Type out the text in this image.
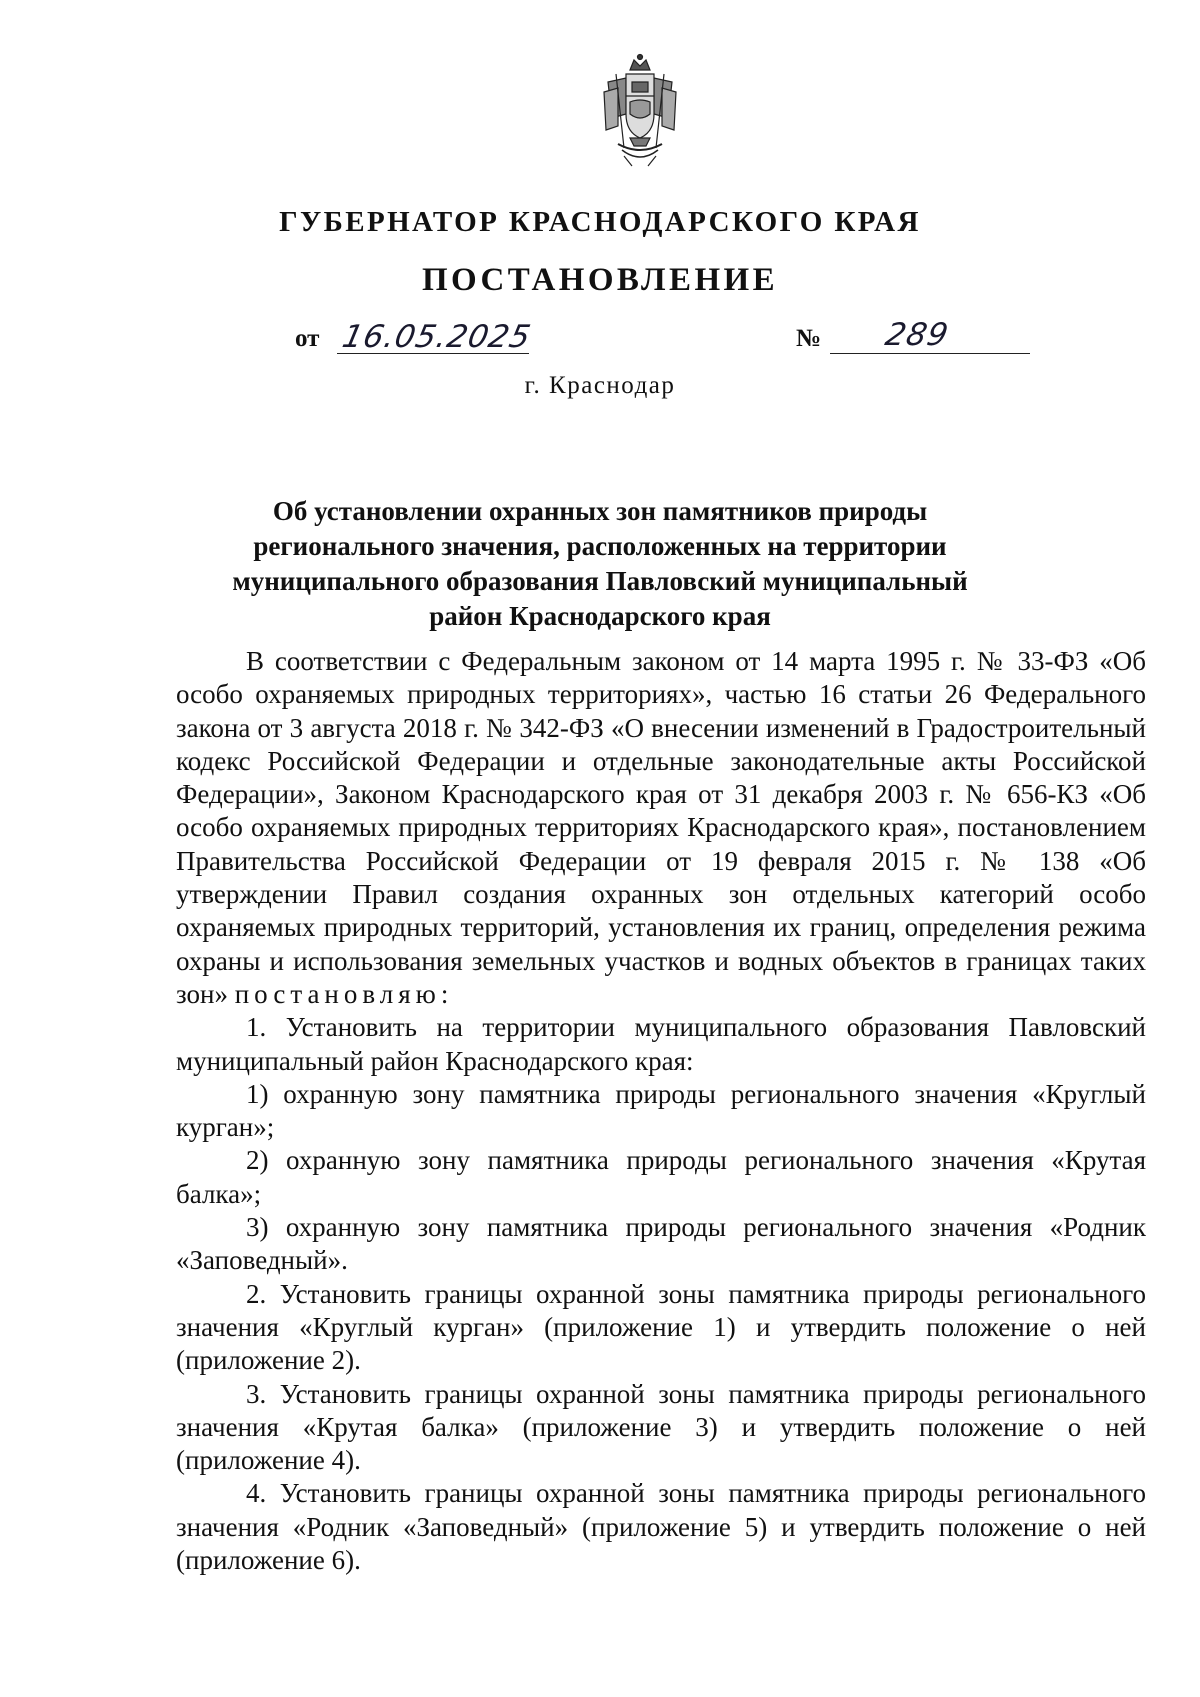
ГУБЕРНАТОР КРАСНОДАРСКОГО КРАЯ
ПОСТАНОВЛЕНИЕ
от 16.05.2025	№ 289
г. Краснодар
Об установлении охранных зон памятников природы
регионального значения, расположенных на территории
муниципального образования Павловский муниципальный
район Краснодарского края

В соответствии с Федеральным законом от 14 марта 1995 г. № 33-ФЗ «Об особо охраняемых природных территориях», частью 16 статьи 26 Федерального закона от 3 августа 2018 г. № 342-ФЗ «О внесении изменений в Градостроительный кодекс Российской Федерации и отдельные законодательные акты Российской Федерации», Законом Краснодарского края от 31 декабря 2003 г. № 656-КЗ «Об особо охраняемых природных территориях Краснодарского края», постановлением Правительства Российской Федерации от 19 февраля 2015 г. № 138 «Об утверждении Правил создания охранных зон отдельных категорий особо охраняемых природных территорий, установления их границ, определения режима охраны и использования земельных участков и водных объектов в границах таких зон» постановляю:

1. Установить на территории муниципального образования Павловский муниципальный район Краснодарского края:

1) охранную зону памятника природы регионального значения «Круглый курган»;

2) охранную зону памятника природы регионального значения «Крутая балка»;

3) охранную зону памятника природы регионального значения «Родник «Заповедный».

2. Установить границы охранной зоны памятника природы регионального значения «Круглый курган» (приложение 1) и утвердить положение о ней (приложение 2).

3. Установить границы охранной зоны памятника природы регионального значения «Крутая балка» (приложение 3) и утвердить положение о ней (приложение 4).

4. Установить границы охранной зоны памятника природы регионального значения «Родник «Заповедный» (приложение 5) и утвердить положение о ней (приложение 6).
